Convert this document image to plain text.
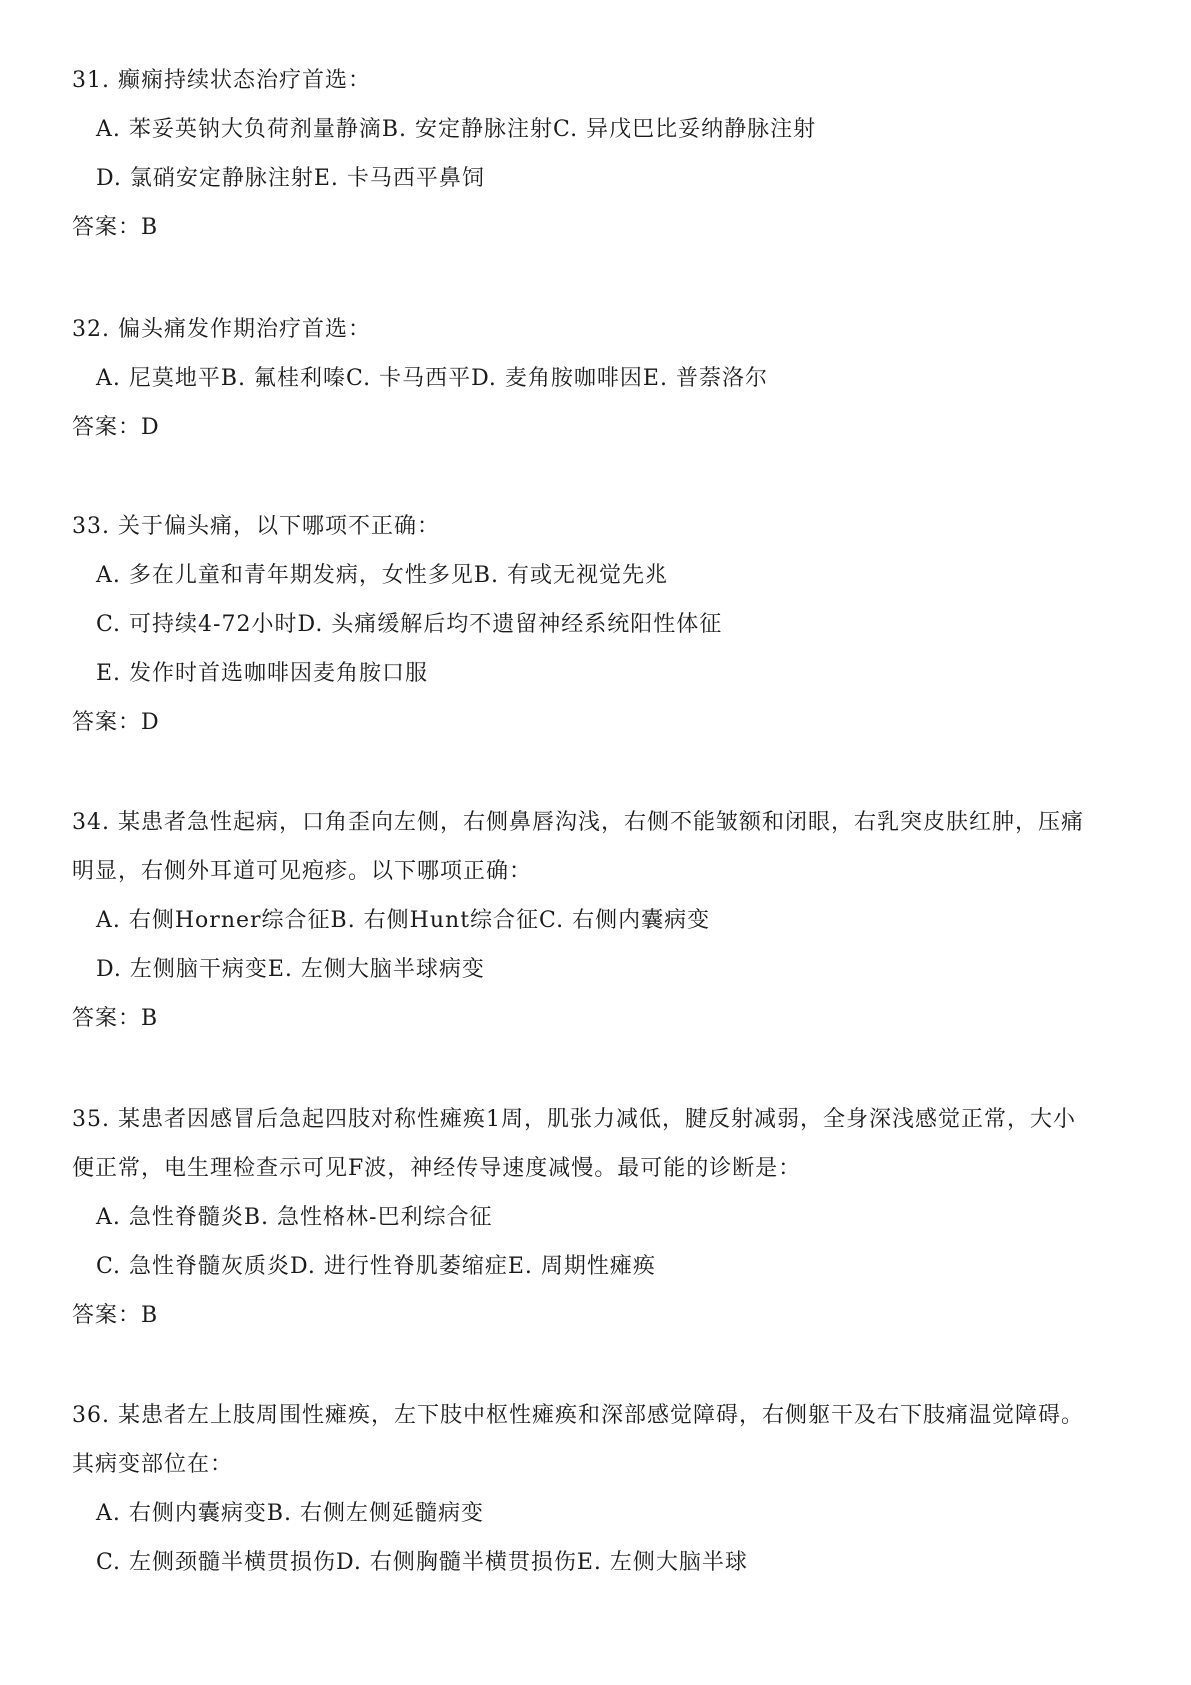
31. 癫痫持续状态治疗首选：
A. 苯妥英钠大负荷剂量静滴B. 安定静脉注射C. 异戊巴比妥纳静脉注射
D. 氯硝安定静脉注射E. 卡马西平鼻饲
答案：B
32. 偏头痛发作期治疗首选：
A. 尼莫地平B. 氟桂利嗪C. 卡马西平D. 麦角胺咖啡因E. 普萘洛尔
答案：D
33. 关于偏头痛，以下哪项不正确：
A. 多在儿童和青年期发病，女性多见B. 有或无视觉先兆
C. 可持续4-72小时D. 头痛缓解后均不遗留神经系统阳性体征
E. 发作时首选咖啡因麦角胺口服
答案：D
34. 某患者急性起病，口角歪向左侧，右侧鼻唇沟浅，右侧不能皱额和闭眼，右乳突皮肤红肿，压痛
明显，右侧外耳道可见疱疹。以下哪项正确：
A. 右侧Horner综合征B. 右侧Hunt综合征C. 右侧内囊病变
D. 左侧脑干病变E. 左侧大脑半球病变
答案：B
35. 某患者因感冒后急起四肢对称性瘫痪1周，肌张力减低，腱反射减弱，全身深浅感觉正常，大小
便正常，电生理检查示可见F波，神经传导速度减慢。最可能的诊断是：
A. 急性脊髓炎B. 急性格林-巴利综合征
C. 急性脊髓灰质炎D. 进行性脊肌萎缩症E. 周期性瘫痪
答案：B
36. 某患者左上肢周围性瘫痪，左下肢中枢性瘫痪和深部感觉障碍，右侧躯干及右下肢痛温觉障碍。
其病变部位在：
A. 右侧内囊病变B. 右侧左侧延髓病变
C. 左侧颈髓半横贯损伤D. 右侧胸髓半横贯损伤E. 左侧大脑半球
